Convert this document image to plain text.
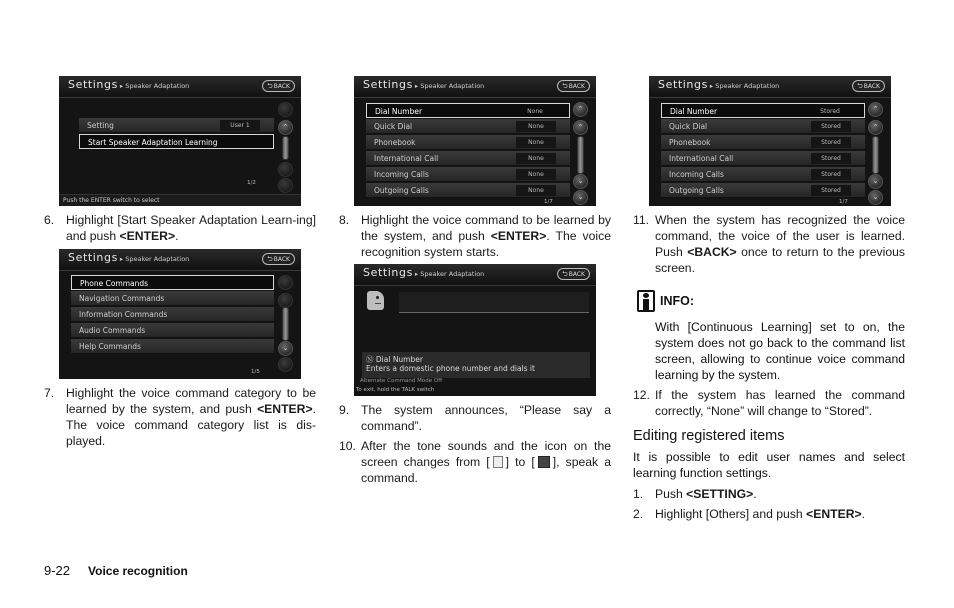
Settings ▸ Speaker Adaptation	⮌BACK
Setting	User 1
Start Speaker Adaptation Learning
⌃
1/2
Push the ENTER switch to select
Settings ▸ Speaker Adaptation	⮌BACK
Phone Commands
Navigation Commands
Information Commands
Audio Commands
Help Commands	⌄
1/5
Settings ▸ Speaker Adaptation	⮌BACK
Dial Number	None
Quick Dial	None
Phonebook	None
International Call	None
Incoming Calls	None
Outgoing Calls	None
⌃
⌃
⌄
⌄
1/7
Settings ▸ Speaker Adaptation	⮌BACK
Ⓝ Dial Number
Enters a domestic phone number and dials it
Alternate Command Mode Off
To exit, hold the TALK switch
Settings ▸ Speaker Adaptation	⮌BACK
Dial Number	Stored
Quick Dial	Stored
Phonebook	Stored
International Call	Stored
Incoming Calls	Stored
Outgoing Calls	Stored
⌃
⌃
⌄
⌄
1/7
6. Highlight [Start Speaker Adaptation Learn-ing] and push <ENTER>.
7. Highlight the voice command category to be learned by the system, and push <ENTER>. The voice command category list is dis-played.
8. Highlight the voice command to be learned by the system, and push <ENTER>. The voice recognition system starts.
9. The system announces, “Please say a command”.
10. After the tone sounds and the icon on the screen changes from [ ] to [ ], speak a command.
11. When the system has recognized the voice command, the voice of the user is learned. Push <BACK> once to return to the previous screen.
INFO:
With [Continuous Learning] set to on, the system does not go back to the command list screen, allowing to continue voice command learning by the system.
12. If the system has learned the command correctly, “None” will change to “Stored”.
Editing registered items
It is possible to edit user names and select learning function settings.
1. Push <SETTING>.
2. Highlight [Others] and push <ENTER>.
9-22 Voice recognition
